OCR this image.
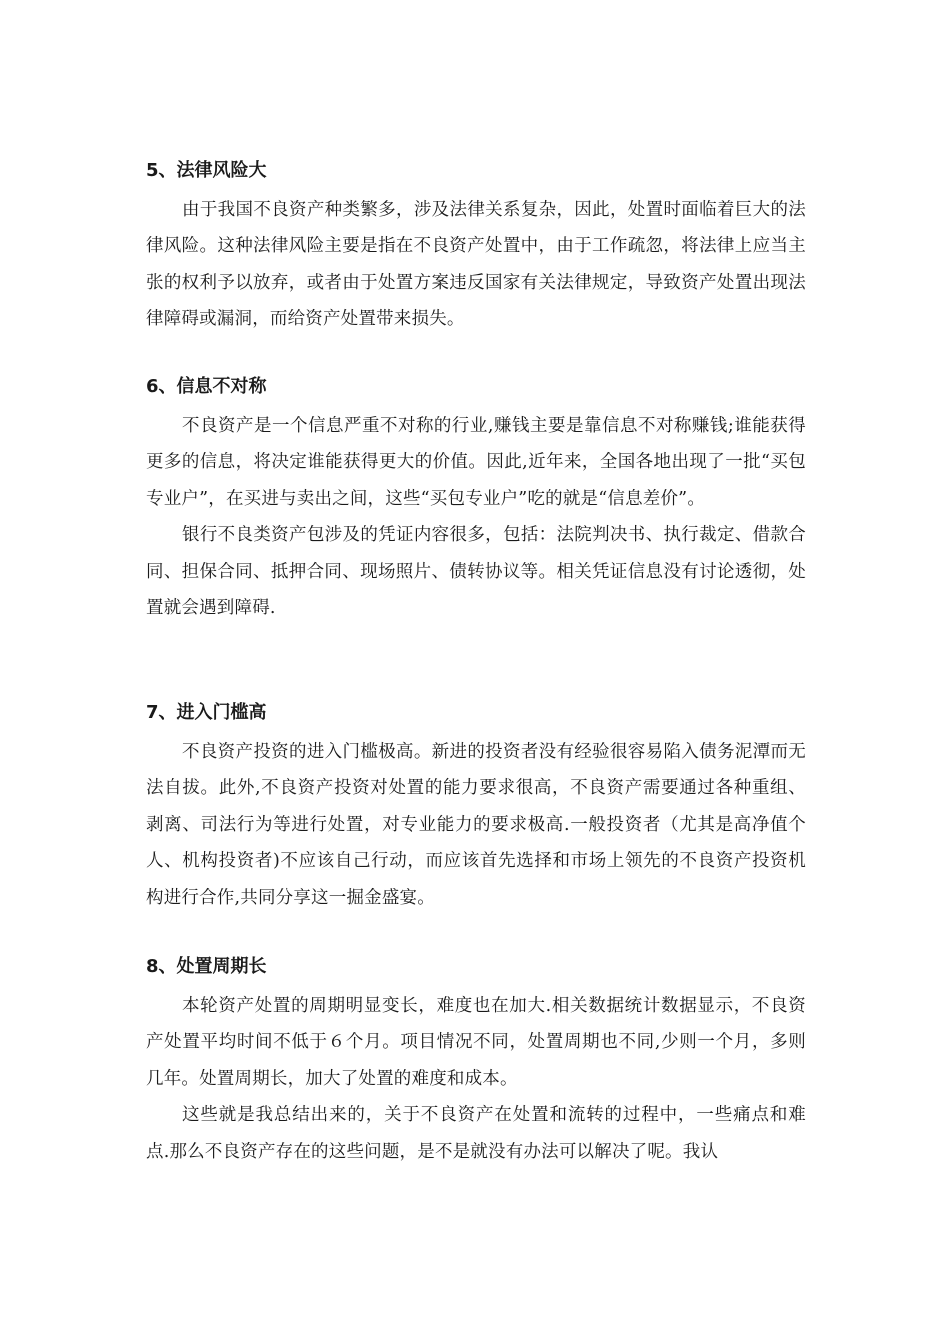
5、法律风险大

由于我国不良资产种类繁多，涉及法律关系复杂，因此，处置时面临着巨大的法律风险。这种法律风险主要是指在不良资产处置中，由于工作疏忽，将法律上应当主张的权利予以放弃，或者由于处置方案违反国家有关法律规定，导致资产处置出现法律障碍或漏洞，而给资产处置带来损失。

6、信息不对称

不良资产是一个信息严重不对称的行业,赚钱主要是靠信息不对称赚钱;谁能获得更多的信息，将决定谁能获得更大的价值。因此,近年来，全国各地出现了一批“买包专业户”，在买进与卖出之间，这些“买包专业户”吃的就是“信息差价”。

银行不良类资产包涉及的凭证内容很多，包括：法院判决书、执行裁定、借款合同、担保合同、抵押合同、现场照片、债转协议等。相关凭证信息没有讨论透彻，处置就会遇到障碍.

7、进入门槛高

不良资产投资的进入门槛极高。新进的投资者没有经验很容易陷入债务泥潭而无法自拔。此外,不良资产投资对处置的能力要求很高，不良资产需要通过各种重组、剥离、司法行为等进行处置，对专业能力的要求极高.一般投资者（尤其是高净值个人、机构投资者)不应该自己行动，而应该首先选择和市场上领先的不良资产投资机构进行合作,共同分享这一掘金盛宴。

8、处置周期长

本轮资产处置的周期明显变长，难度也在加大.相关数据统计数据显示，不良资产处置平均时间不低于６个月。项目情况不同，处置周期也不同,少则一个月，多则几年。处置周期长，加大了处置的难度和成本。

这些就是我总结出来的，关于不良资产在处置和流转的过程中，一些痛点和难点.那么不良资产存在的这些问题，是不是就没有办法可以解决了呢。我认
